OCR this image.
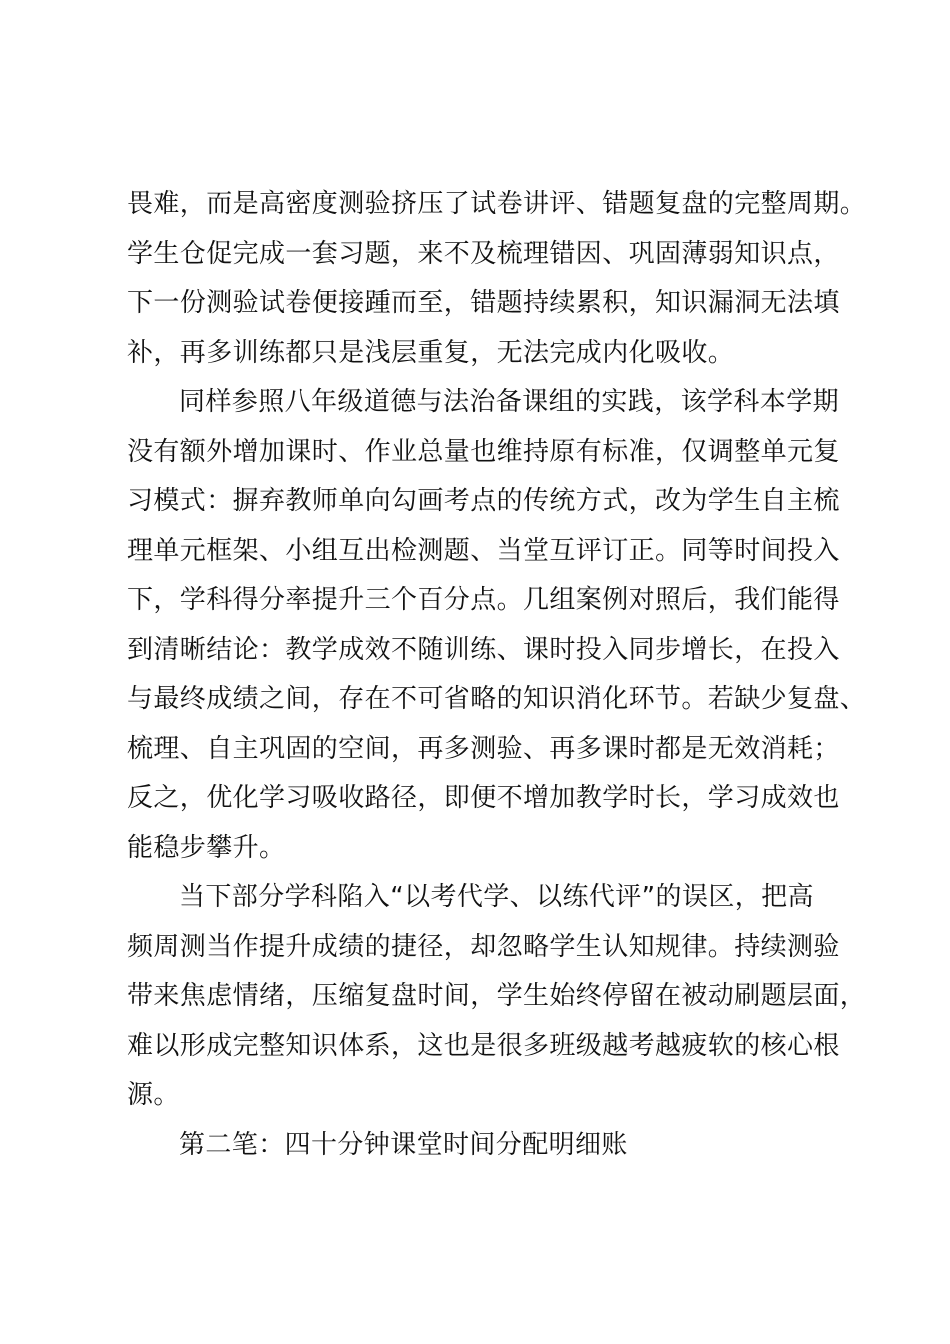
畏难，而是高密度测验挤压了试卷讲评、错题复盘的完整周期。
学生仓促完成一套习题，来不及梳理错因、巩固薄弱知识点，
下一份测验试卷便接踵而至，错题持续累积，知识漏洞无法填
补，再多训练都只是浅层重复，无法完成内化吸收。
同样参照八年级道德与法治备课组的实践，该学科本学期
没有额外增加课时、作业总量也维持原有标准，仅调整单元复
习模式：摒弃教师单向勾画考点的传统方式，改为学生自主梳
理单元框架、小组互出检测题、当堂互评订正。同等时间投入
下，学科得分率提升三个百分点。几组案例对照后，我们能得
到清晰结论：教学成效不随训练、课时投入同步增长，在投入
与最终成绩之间，存在不可省略的知识消化环节。若缺少复盘、
梳理、自主巩固的空间，再多测验、再多课时都是无效消耗；
反之，优化学习吸收路径，即便不增加教学时长，学习成效也
能稳步攀升。
当下部分学科陷入“以考代学、以练代评”的误区，把高
频周测当作提升成绩的捷径，却忽略学生认知规律。持续测验
带来焦虑情绪，压缩复盘时间，学生始终停留在被动刷题层面，
难以形成完整知识体系，这也是很多班级越考越疲软的核心根
源。
第二笔：四十分钟课堂时间分配明细账
